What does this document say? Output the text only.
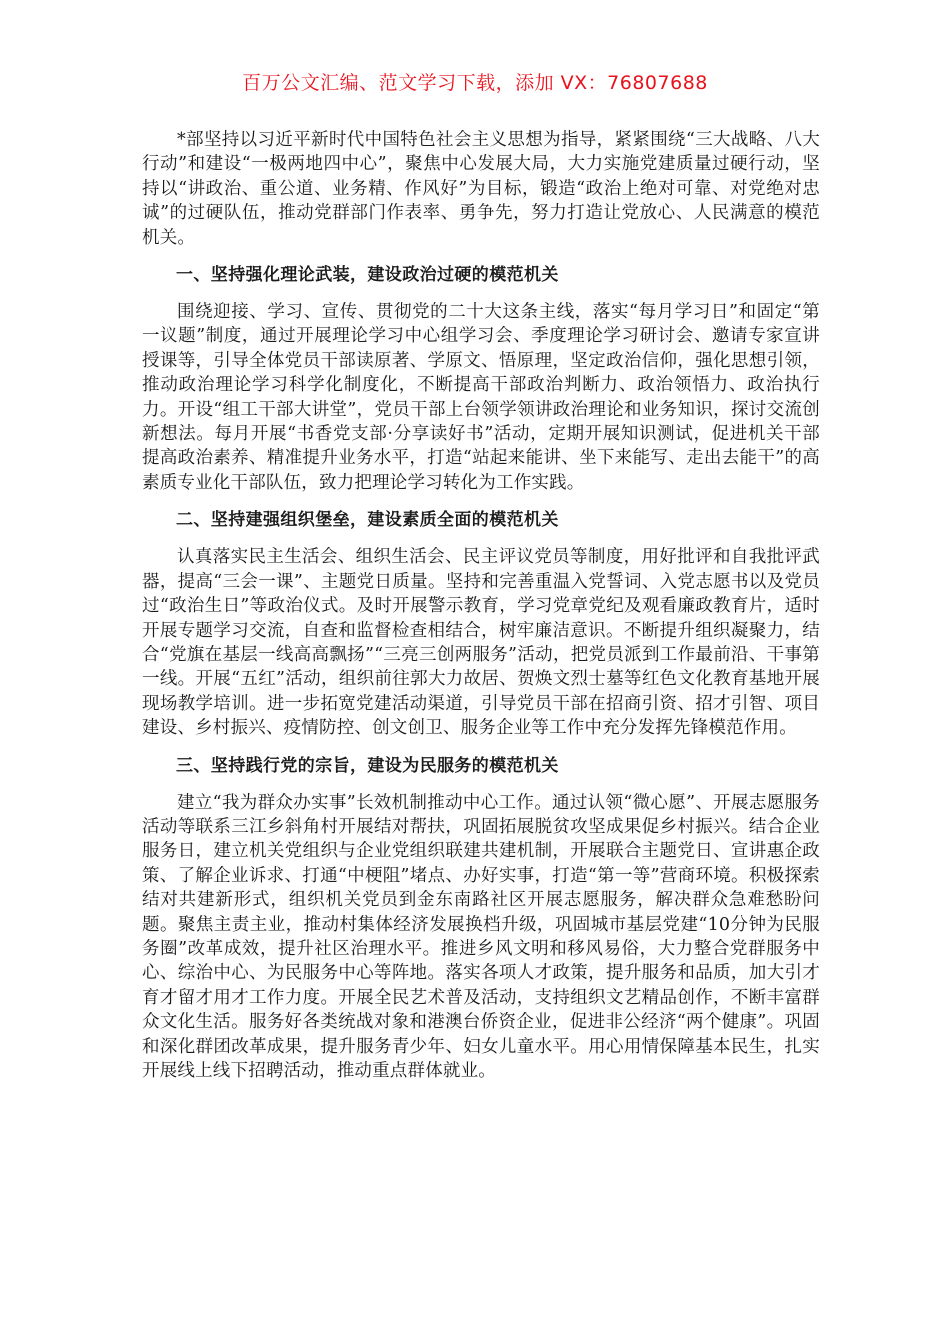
百万公文汇编、范文学习下载，添加 VX：76807688

*部坚持以习近平新时代中国特色社会主义思想为指导，紧紧围绕“三大战略、八大行动”和建设“一极两地四中心”，聚焦中心发展大局，大力实施党建质量过硬行动，坚持以“讲政治、重公道、业务精、作风好”为目标，锻造“政治上绝对可靠、对党绝对忠诚”的过硬队伍，推动党群部门作表率、勇争先，努力打造让党放心、人民满意的模范机关。

一、坚持强化理论武装，建设政治过硬的模范机关

围绕迎接、学习、宣传、贯彻党的二十大这条主线，落实“每月学习日”和固定“第一议题”制度，通过开展理论学习中心组学习会、季度理论学习研讨会、邀请专家宣讲授课等，引导全体党员干部读原著、学原文、悟原理，坚定政治信仰，强化思想引领，推动政治理论学习科学化制度化，不断提高干部政治判断力、政治领悟力、政治执行力。开设“组工干部大讲堂”，党员干部上台领学领讲政治理论和业务知识，探讨交流创新想法。每月开展“书香党支部·分享读好书”活动，定期开展知识测试，促进机关干部提高政治素养、精准提升业务水平，打造“站起来能讲、坐下来能写、走出去能干”的高素质专业化干部队伍，致力把理论学习转化为工作实践。

二、坚持建强组织堡垒，建设素质全面的模范机关

认真落实民主生活会、组织生活会、民主评议党员等制度，用好批评和自我批评武器，提高“三会一课”、主题党日质量。坚持和完善重温入党誓词、入党志愿书以及党员过“政治生日”等政治仪式。及时开展警示教育，学习党章党纪及观看廉政教育片，适时开展专题学习交流，自查和监督检查相结合，树牢廉洁意识。不断提升组织凝聚力，结合“党旗在基层一线高高飘扬”“三亮三创两服务”活动，把党员派到工作最前沿、干事第一线。开展“五红”活动，组织前往郭大力故居、贺焕文烈士墓等红色文化教育基地开展现场教学培训。进一步拓宽党建活动渠道，引导党员干部在招商引资、招才引智、项目建设、乡村振兴、疫情防控、创文创卫、服务企业等工作中充分发挥先锋模范作用。

三、坚持践行党的宗旨，建设为民服务的模范机关

建立“我为群众办实事”长效机制推动中心工作。通过认领“微心愿”、开展志愿服务活动等联系三江乡斜角村开展结对帮扶，巩固拓展脱贫攻坚成果促乡村振兴。结合企业服务日，建立机关党组织与企业党组织联建共建机制，开展联合主题党日、宣讲惠企政策、了解企业诉求、打通“中梗阻”堵点、办好实事，打造“第一等”营商环境。积极探索结对共建新形式，组织机关党员到金东南路社区开展志愿服务，解决群众急难愁盼问题。聚焦主责主业，推动村集体经济发展换档升级，巩固城市基层党建“10分钟为民服务圈”改革成效，提升社区治理水平。推进乡风文明和移风易俗，大力整合党群服务中心、综治中心、为民服务中心等阵地。落实各项人才政策，提升服务和品质，加大引才育才留才用才工作力度。开展全民艺术普及活动，支持组织文艺精品创作，不断丰富群众文化生活。服务好各类统战对象和港澳台侨资企业，促进非公经济“两个健康”。巩固和深化群团改革成果，提升服务青少年、妇女儿童水平。用心用情保障基本民生，扎实开展线上线下招聘活动，推动重点群体就业。
